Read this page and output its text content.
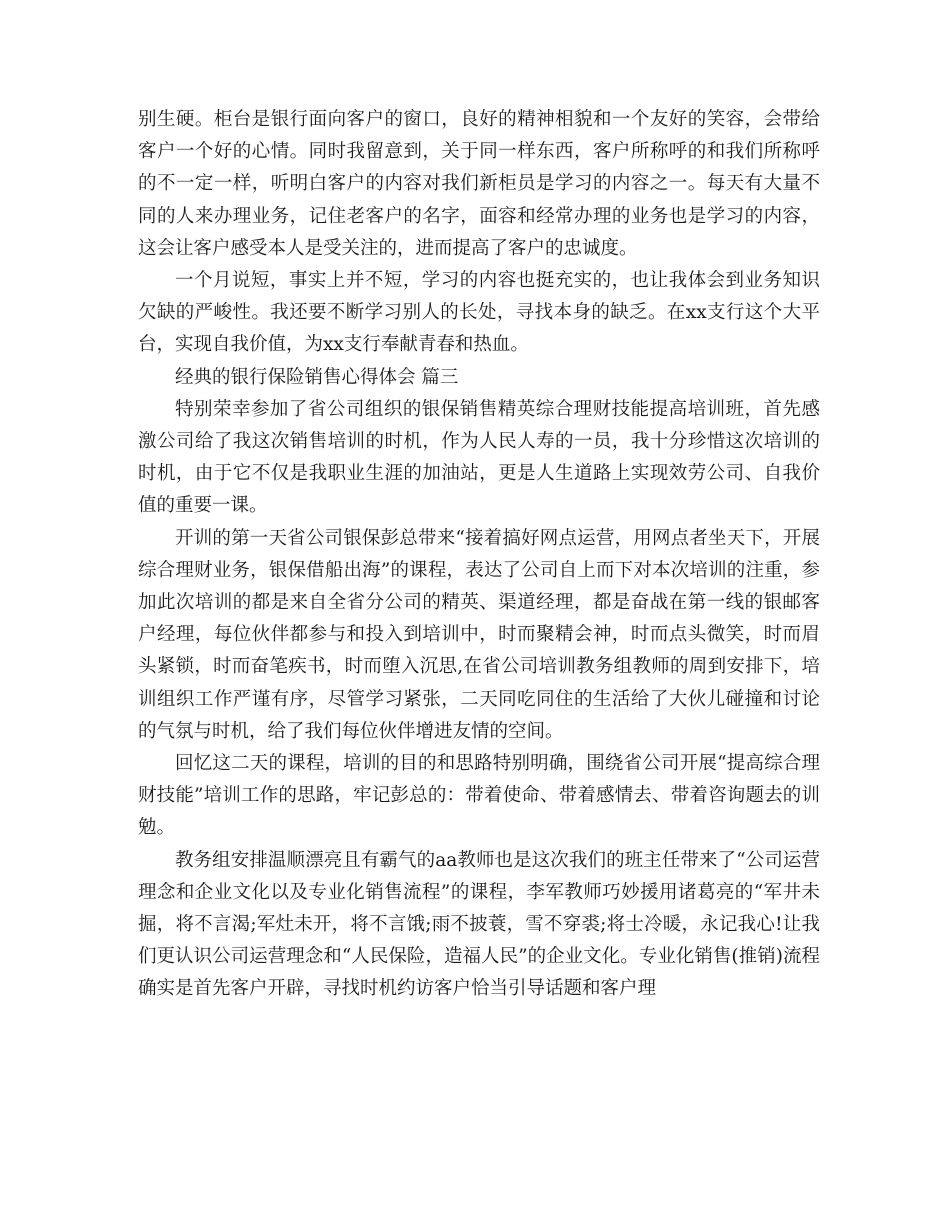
别生硬。柜台是银行面向客户的窗口，良好的精神相貌和一个友好的笑容，会带给客户一个好的心情。同时我留意到，关于同一样东西，客户所称呼的和我们所称呼的不一定一样，听明白客户的内容对我们新柜员是学习的内容之一。每天有大量不同的人来办理业务，记住老客户的名字，面容和经常办理的业务也是学习的内容，这会让客户感受本人是受关注的，进而提高了客户的忠诚度。

一个月说短，事实上并不短，学习的内容也挺充实的，也让我体会到业务知识欠缺的严峻性。我还要不断学习别人的长处，寻找本身的缺乏。在xx支行这个大平台，实现自我价值，为xx支行奉献青春和热血。

经典的银行保险销售心得体会 篇三

特别荣幸参加了省公司组织的银保销售精英综合理财技能提高培训班，首先感激公司给了我这次销售培训的时机，作为人民人寿的一员，我十分珍惜这次培训的时机，由于它不仅是我职业生涯的加油站，更是人生道路上实现效劳公司、自我价值的重要一课。

开训的第一天省公司银保彭总带来“接着搞好网点运营，用网点者坐天下，开展综合理财业务，银保借船出海”的课程，表达了公司自上而下对本次培训的注重，参加此次培训的都是来自全省分公司的精英、渠道经理，都是奋战在第一线的银邮客户经理，每位伙伴都参与和投入到培训中，时而聚精会神，时而点头微笑，时而眉头紧锁，时而奋笔疾书，时而堕入沉思,在省公司培训教务组教师的周到安排下，培训组织工作严谨有序，尽管学习紧张，二天同吃同住的生活给了大伙儿碰撞和讨论的气氛与时机，给了我们每位伙伴增进友情的空间。

回忆这二天的课程，培训的目的和思路特别明确，围绕省公司开展“提高综合理财技能”培训工作的思路，牢记彭总的：带着使命、带着感情去、带着咨询题去的训勉。

教务组安排温顺漂亮且有霸气的aa教师也是这次我们的班主任带来了“公司运营理念和企业文化以及专业化销售流程”的课程，李军教师巧妙援用诸葛亮的“军井未掘，将不言渴;军灶未开，将不言饿;雨不披蓑，雪不穿裘;将士冷暖，永记我心!让我们更认识公司运营理念和“人民保险，造福人民”的企业文化。专业化销售(推销)流程确实是首先客户开辟，寻找时机约访客户恰当引导话题和客户理
